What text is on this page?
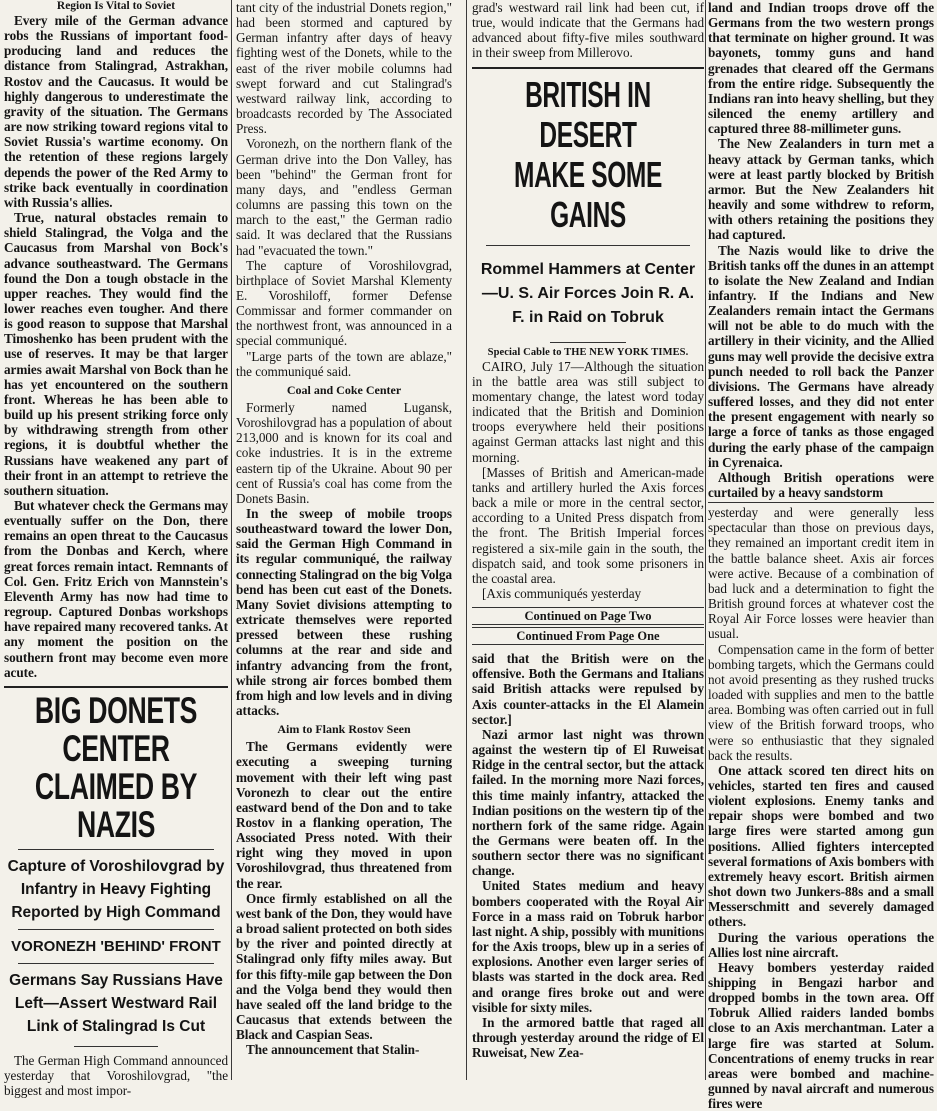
Region Is Vital to Soviet

Every mile of the German advance robs the Russians of important food-producing land and reduces the distance from Stalingrad, Astrakhan, Rostov and the Caucasus. It would be highly dangerous to underestimate the gravity of the situation. The Germans are now striking toward regions vital to Soviet Russia's wartime economy. On the retention of these regions largely depends the power of the Red Army to strike back eventually in coordination with Russia's allies.

True, natural obstacles remain to shield Stalingrad, the Volga and the Caucasus from Marshal von Bock's advance southeastward. The Germans found the Don a tough obstacle in the upper reaches. They would find the lower reaches even tougher. And there is good reason to suppose that Marshal Timoshenko has been prudent with the use of reserves. It may be that larger armies await Marshal von Bock than he has yet encountered on the southern front. Whereas he has been able to build up his present striking force only by withdrawing strength from other regions, it is doubtful whether the Russians have weakened any part of their front in an attempt to retrieve the southern situation.

But whatever check the Germans may eventually suffer on the Don, there remains an open threat to the Caucasus from the Donbas and Kerch, where great forces remain intact. Remnants of Col. Gen. Fritz Erich von Mannstein's Eleventh Army has now had time to regroup. Captured Donbas workshops have repaired many recovered tanks. At any moment the position on the southern front may become even more acute.

BIG DONETS CENTER
CLAIMED BY NAZIS
Capture of Voroshilovgrad by Infantry in Heavy Fighting Reported by High Command
VORONEZH 'BEHIND' FRONT
Germans Say Russians Have Left—Assert Westward Rail Link of Stalingrad Is Cut

The German High Command announced yesterday that Voroshilovgrad, "the biggest and most impor-

tant city of the industrial Donets region," had been stormed and captured by German infantry after days of heavy fighting west of the Donets, while to the east of the river mobile columns had swept forward and cut Stalingrad's westward railway link, according to broadcasts recorded by The Associated Press.

Voronezh, on the northern flank of the German drive into the Don Valley, has been "behind" the German front for many days, and "endless German columns are passing this town on the march to the east," the German radio said. It was declared that the Russians had "evacuated the town."

The capture of Voroshilovgrad, birthplace of Soviet Marshal Klementy E. Voroshiloff, former Defense Commissar and former commander on the northwest front, was announced in a special communiqué.

"Large parts of the town are ablaze," the communiqué said.

Coal and Coke Center

Formerly named Lugansk, Voroshilovgrad has a population of about 213,000 and is known for its coal and coke industries. It is in the extreme eastern tip of the Ukraine. About 90 per cent of Russia's coal has come from the Donets Basin.

In the sweep of mobile troops southeastward toward the lower Don, said the German High Command in its regular communiqué, the railway connecting Stalingrad on the big Volga bend has been cut east of the Donets. Many Soviet divisions attempting to extricate themselves were reported pressed between these rushing columns at the rear and side and infantry advancing from the front, while strong air forces bombed them from high and low levels and in diving attacks.

Aim to Flank Rostov Seen

The Germans evidently were executing a sweeping turning movement with their left wing past Voronezh to clear out the entire eastward bend of the Don and to take Rostov in a flanking operation, The Associated Press noted. With their right wing they moved in upon Voroshilovgrad, thus threatened from the rear.

Once firmly established on all the west bank of the Don, they would have a broad salient protected on both sides by the river and pointed directly at Stalingrad only fifty miles away. But for this fifty-mile gap between the Don and the Volga bend they would then have sealed off the land bridge to the Caucasus that extends between the Black and Caspian Seas.

The announcement that Stalin-

grad's westward rail link had been cut, if true, would indicate that the Germans had advanced about fifty-five miles southward in their sweep from Millerovo.

BRITISH IN DESERT
MAKE SOME GAINS
Rommel Hammers at Center—U. S. Air Forces Join R. A. F. in Raid on Tobruk
Special Cable to THE NEW YORK TIMES.

CAIRO, July 17—Although the situation in the battle area was still subject to momentary change, the latest word today indicated that the British and Dominion troops everywhere held their positions against German attacks last night and this morning.

[Masses of British and American-made tanks and artillery hurled the Axis forces back a mile or more in the central sector, according to a United Press dispatch from the front. The British Imperial forces registered a six-mile gain in the south, the dispatch said, and took some prisoners in the coastal area.

[Axis communiqués yesterday

Continued on Page Two
Continued From Page One

said that the British were on the offensive. Both the Germans and Italians said British attacks were repulsed by Axis counter-attacks in the El Alamein sector.]

Nazi armor last night was thrown against the western tip of El Ruweisat Ridge in the central sector, but the attack failed. In the morning more Nazi forces, this time mainly infantry, attacked the Indian positions on the western tip of the northern fork of the same ridge. Again the Germans were beaten off. In the southern sector there was no significant change.

United States medium and heavy bombers cooperated with the Royal Air Force in a mass raid on Tobruk harbor last night. A ship, possibly with munitions for the Axis troops, blew up in a series of explosions. Another even larger series of blasts was started in the dock area. Red and orange fires broke out and were visible for sixty miles.

In the armored battle that raged all through yesterday around the ridge of El Ruweisat, New Zea-

land and Indian troops drove off the Germans from the two western prongs that terminate on higher ground. It was bayonets, tommy guns and hand grenades that cleared off the Germans from the entire ridge. Subsequently the Indians ran into heavy shelling, but they silenced the enemy artillery and captured three 88-millimeter guns.

The New Zealanders in turn met a heavy attack by German tanks, which were at least partly blocked by British armor. But the New Zealanders hit heavily and some withdrew to reform, with others retaining the positions they had captured.

The Nazis would like to drive the British tanks off the dunes in an attempt to isolate the New Zealand and Indian infantry. If the Indians and New Zealanders remain intact the Germans will not be able to do much with the artillery in their vicinity, and the Allied guns may well provide the decisive extra punch needed to roll back the Panzer divisions. The Germans have already suffered losses, and they did not enter the present engagement with nearly so large a force of tanks as those engaged during the early phase of the campaign in Cyrenaica.

Although British operations were curtailed by a heavy sandstorm

yesterday and were generally less spectacular than those on previous days, they remained an important credit item in the battle balance sheet. Axis air forces were active. Because of a combination of bad luck and a determination to fight the British ground forces at whatever cost the Royal Air Force losses were heavier than usual.

Compensation came in the form of better bombing targets, which the Germans could not avoid presenting as they rushed trucks loaded with supplies and men to the battle area. Bombing was often carried out in full view of the British forward troops, who were so enthusiastic that they signaled back the results.

One attack scored ten direct hits on vehicles, started ten fires and caused violent explosions. Enemy tanks and repair shops were bombed and two large fires were started among gun positions. Allied fighters intercepted several formations of Axis bombers with extremely heavy escort. British airmen shot down two Junkers-88s and a small Messerschmitt and severely damaged others.

During the various operations the Allies lost nine aircraft.

Heavy bombers yesterday raided shipping in Bengazi harbor and dropped bombs in the town area. Off Tobruk Allied raiders landed bombs close to an Axis merchantman. Later a large fire was started at Solum. Concentrations of enemy trucks in rear areas were bombed and machine-gunned by naval aircraft and numerous fires were
